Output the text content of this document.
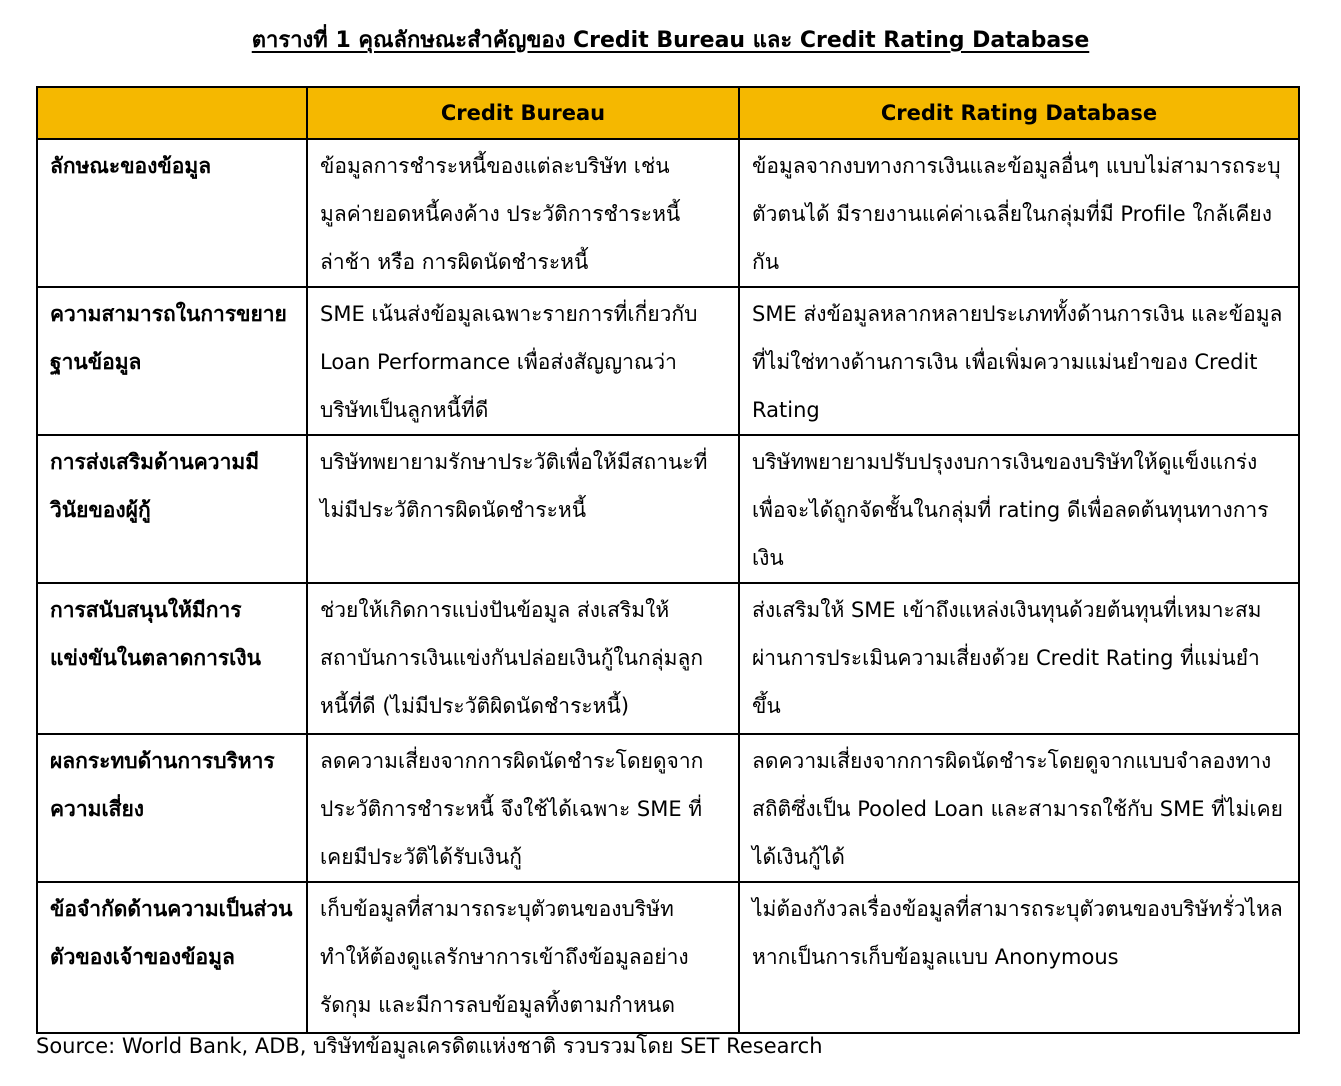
ตารางที่ 1 คุณลักษณะสำคัญของ Credit Bureau และ Credit Rating Database
	Credit Bureau	Credit Rating Database
ลักษณะของข้อมูล	ข้อมูลการชำระหนี้ของแต่ละบริษัท เช่น มูลค่ายอดหนี้คงค้าง ประวัติการชำระหนี้ล่าช้า หรือ การผิดนัดชำระหนี้	ข้อมูลจากงบทางการเงินและข้อมูลอื่นๆ แบบไม่สามารถระบุตัวตนได้ มีรายงานแค่ค่าเฉลี่ยในกลุ่มที่มี Profile ใกล้เคียงกัน
ความสามารถในการขยายฐานข้อมูล	SME เน้นส่งข้อมูลเฉพาะรายการที่เกี่ยวกับ Loan Performance เพื่อส่งสัญญาณว่าบริษัทเป็นลูกหนี้ที่ดี	SME ส่งข้อมูลหลากหลายประเภททั้งด้านการเงิน และข้อมูลที่ไม่ใช่ทางด้านการเงิน เพื่อเพิ่มความแม่นยำของ Credit Rating
การส่งเสริมด้านความมีวินัยของผู้กู้	บริษัทพยายามรักษาประวัติเพื่อให้มีสถานะที่ไม่มีประวัติการผิดนัดชำระหนี้	บริษัทพยายามปรับปรุงงบการเงินของบริษัทให้ดูแข็งแกร่งเพื่อจะได้ถูกจัดชั้นในกลุ่มที่ rating ดีเพื่อลดต้นทุนทางการเงิน
การสนับสนุนให้มีการแข่งขันในตลาดการเงิน	ช่วยให้เกิดการแบ่งปันข้อมูล ส่งเสริมให้สถาบันการเงินแข่งกันปล่อยเงินกู้ในกลุ่มลูกหนี้ที่ดี (ไม่มีประวัติผิดนัดชำระหนี้)	ส่งเสริมให้ SME เข้าถึงแหล่งเงินทุนด้วยต้นทุนที่เหมาะสมผ่านการประเมินความเสี่ยงด้วย Credit Rating ที่แม่นยำขึ้น
ผลกระทบด้านการบริหารความเสี่ยง	ลดความเสี่ยงจากการผิดนัดชำระโดยดูจากประวัติการชำระหนี้ จึงใช้ได้เฉพาะ SME ที่เคยมีประวัติได้รับเงินกู้	ลดความเสี่ยงจากการผิดนัดชำระโดยดูจากแบบจำลองทางสถิติซึ่งเป็น Pooled Loan และสามารถใช้กับ SME ที่ไม่เคยได้เงินกู้ได้
ข้อจำกัดด้านความเป็นส่วนตัวของเจ้าของข้อมูล	เก็บข้อมูลที่สามารถระบุตัวตนของบริษัท ทำให้ต้องดูแลรักษาการเข้าถึงข้อมูลอย่างรัดกุม และมีการลบข้อมูลทิ้งตามกำหนด	ไม่ต้องกังวลเรื่องข้อมูลที่สามารถระบุตัวตนของบริษัทรั่วไหล หากเป็นการเก็บข้อมูลแบบ Anonymous
Source: World Bank, ADB, บริษัทข้อมูลเครดิตแห่งชาติ รวบรวมโดย SET Research
